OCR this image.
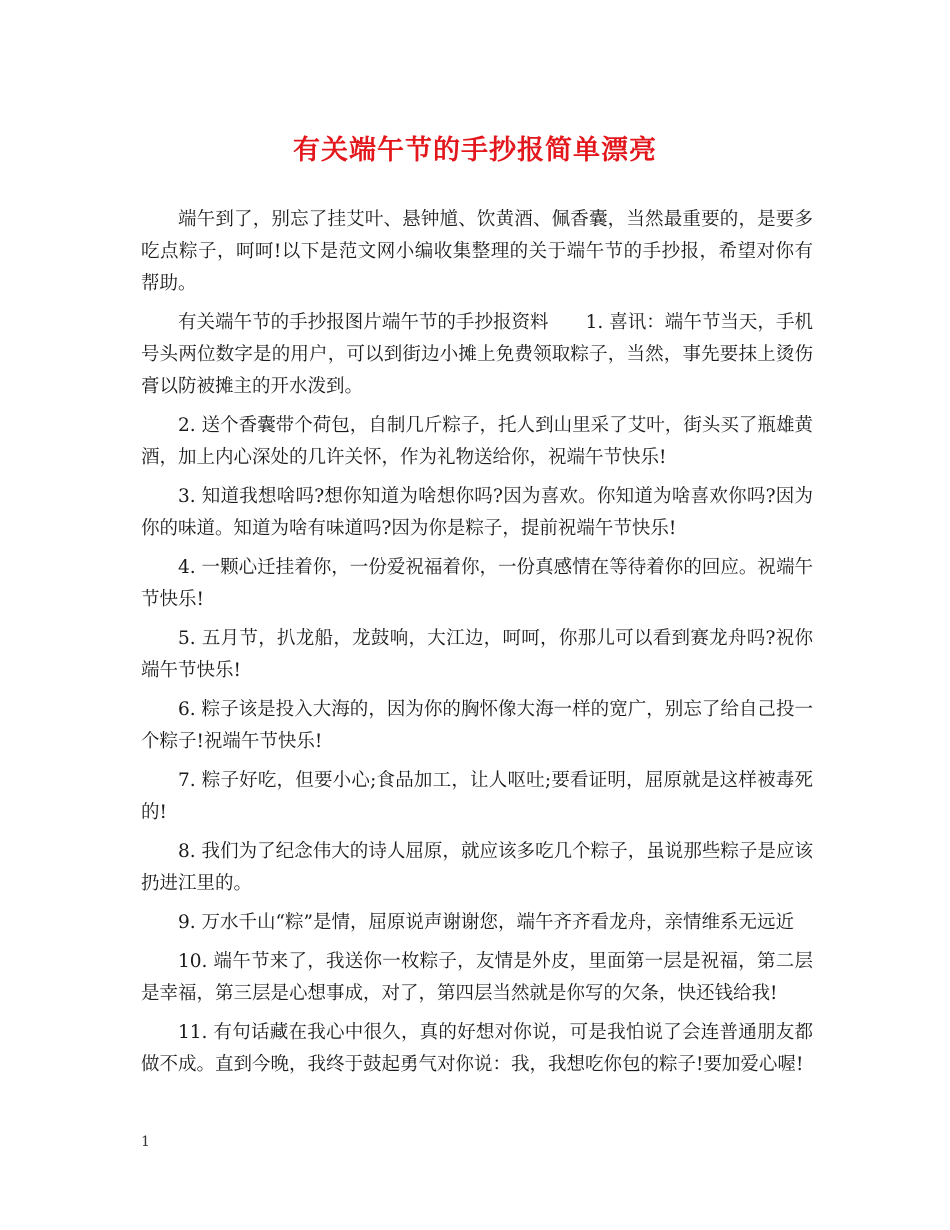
有关端午节的手抄报简单漂亮

端午到了，别忘了挂艾叶、悬钟馗、饮黄酒、佩香囊，当然最重要的，是要多吃点粽子，呵呵!以下是范文网小编收集整理的关于端午节的手抄报，希望对你有帮助。

有关端午节的手抄报图片端午节的手抄报资料　　1. 喜讯：端午节当天，手机号头两位数字是的用户，可以到街边小摊上免费领取粽子，当然，事先要抹上烫伤膏以防被摊主的开水泼到。

2. 送个香囊带个荷包，自制几斤粽子，托人到山里采了艾叶，街头买了瓶雄黄酒，加上内心深处的几许关怀，作为礼物送给你，祝端午节快乐!

3. 知道我想啥吗?想你知道为啥想你吗?因为喜欢。你知道为啥喜欢你吗?因为你的味道。知道为啥有味道吗?因为你是粽子，提前祝端午节快乐!

4. 一颗心迁挂着你，一份爱祝福着你，一份真感情在等待着你的回应。祝端午节快乐!

5. 五月节，扒龙船，龙鼓响，大江边，呵呵，你那儿可以看到赛龙舟吗?祝你端午节快乐!

6. 粽子该是投入大海的，因为你的胸怀像大海一样的宽广，别忘了给自己投一个粽子!祝端午节快乐!

7. 粽子好吃，但要小心;食品加工，让人呕吐;要看证明，屈原就是这样被毒死的!

8. 我们为了纪念伟大的诗人屈原，就应该多吃几个粽子，虽说那些粽子是应该扔进江里的。

9. 万水千山“粽”是情，屈原说声谢谢您，端午齐齐看龙舟，亲情维系无远近

10. 端午节来了，我送你一枚粽子，友情是外皮，里面第一层是祝福，第二层是幸福，第三层是心想事成，对了，第四层当然就是你写的欠条，快还钱给我!

11. 有句话藏在我心中很久，真的好想对你说，可是我怕说了会连普通朋友都做不成。直到今晚，我终于鼓起勇气对你说：我，我想吃你包的粽子!要加爱心喔!

1
